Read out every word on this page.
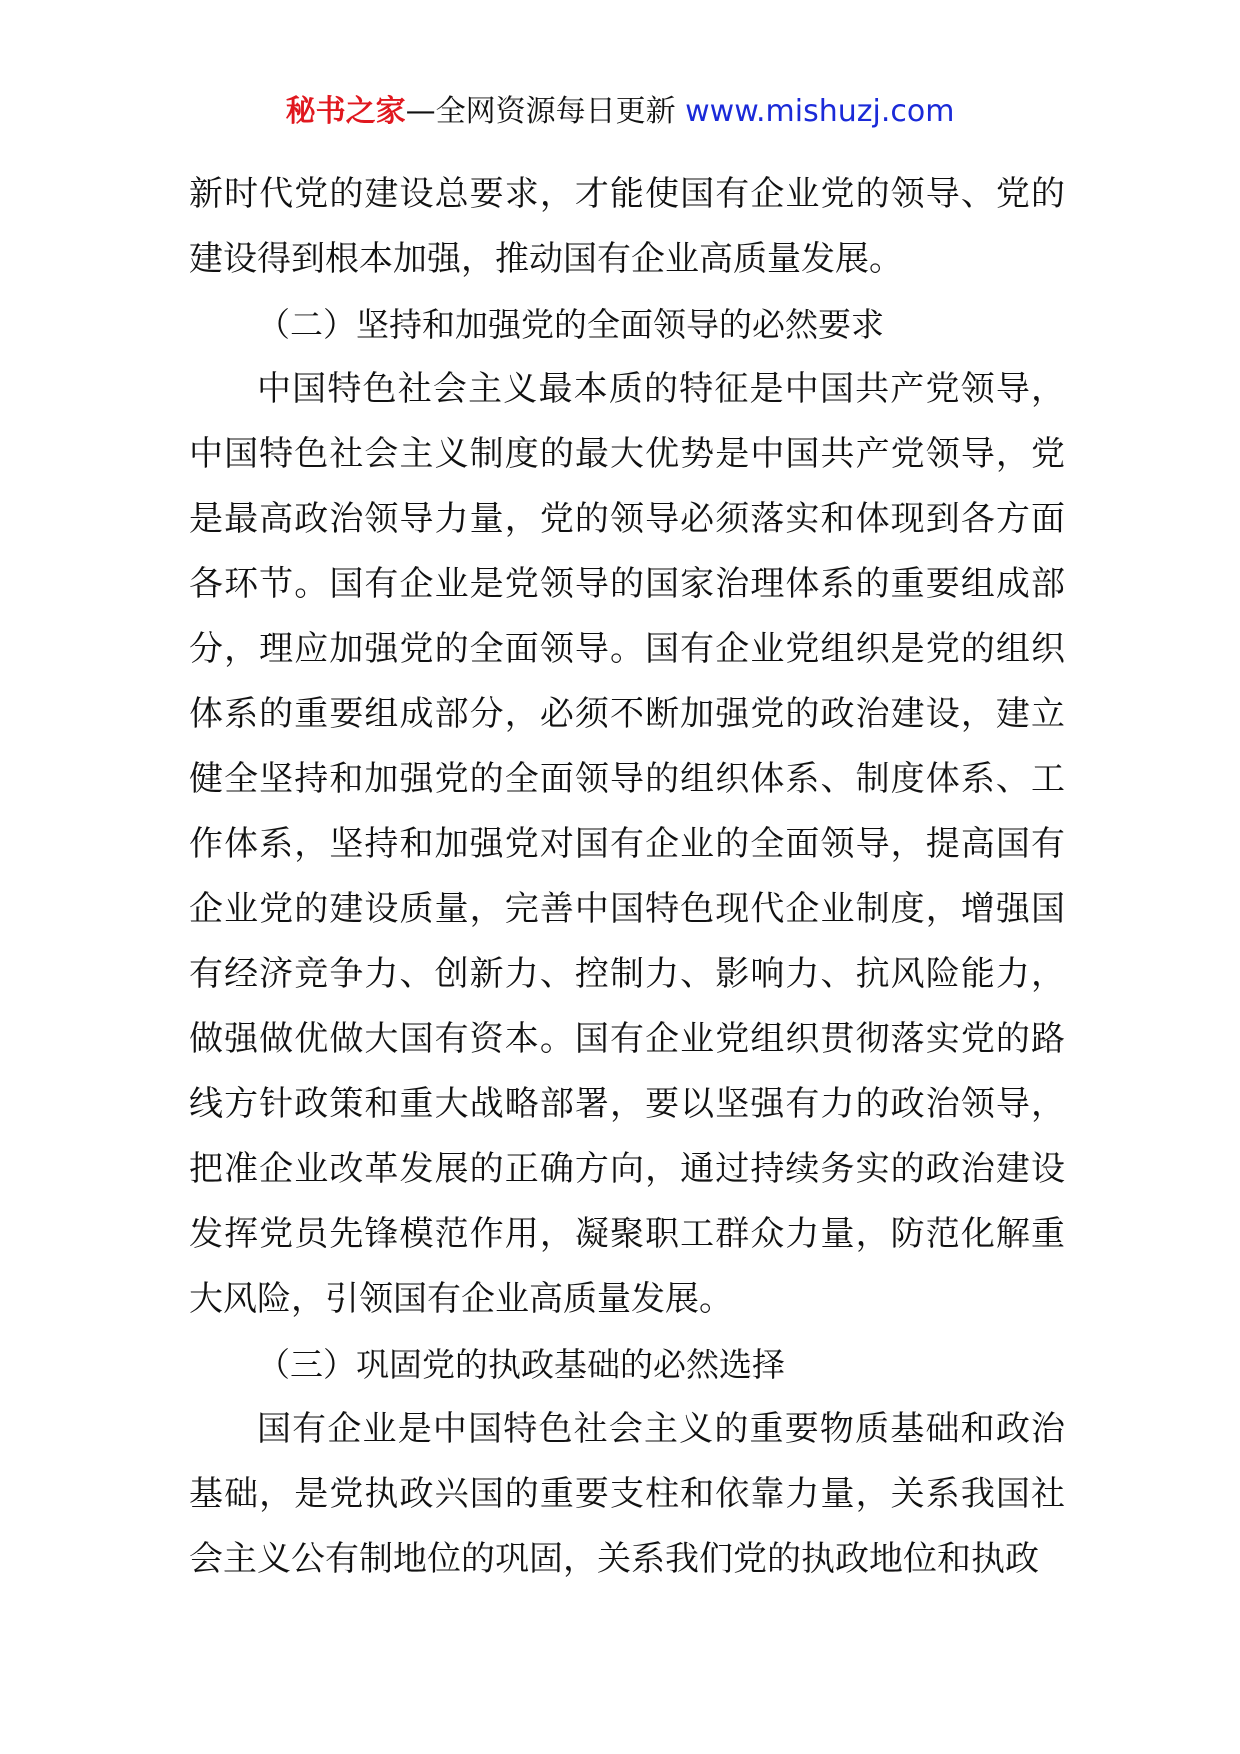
秘书之家—全网资源每日更新 www.mishuzj.com

新时代党的建设总要求，才能使国有企业党的领导、党的建设得到根本加强，推动国有企业高质量发展。

（二）坚持和加强党的全面领导的必然要求

中国特色社会主义最本质的特征是中国共产党领导，中国特色社会主义制度的最大优势是中国共产党领导，党是最高政治领导力量，党的领导必须落实和体现到各方面各环节。国有企业是党领导的国家治理体系的重要组成部分，理应加强党的全面领导。国有企业党组织是党的组织体系的重要组成部分，必须不断加强党的政治建设，建立健全坚持和加强党的全面领导的组织体系、制度体系、工作体系，坚持和加强党对国有企业的全面领导，提高国有企业党的建设质量，完善中国特色现代企业制度，增强国有经济竞争力、创新力、控制力、影响力、抗风险能力，做强做优做大国有资本。国有企业党组织贯彻落实党的路线方针政策和重大战略部署，要以坚强有力的政治领导，把准企业改革发展的正确方向，通过持续务实的政治建设发挥党员先锋模范作用，凝聚职工群众力量，防范化解重大风险，引领国有企业高质量发展。

（三）巩固党的执政基础的必然选择

国有企业是中国特色社会主义的重要物质基础和政治基础，是党执政兴国的重要支柱和依靠力量，关系我国社会主义公有制地位的巩固，关系我们党的执政地位和执政
